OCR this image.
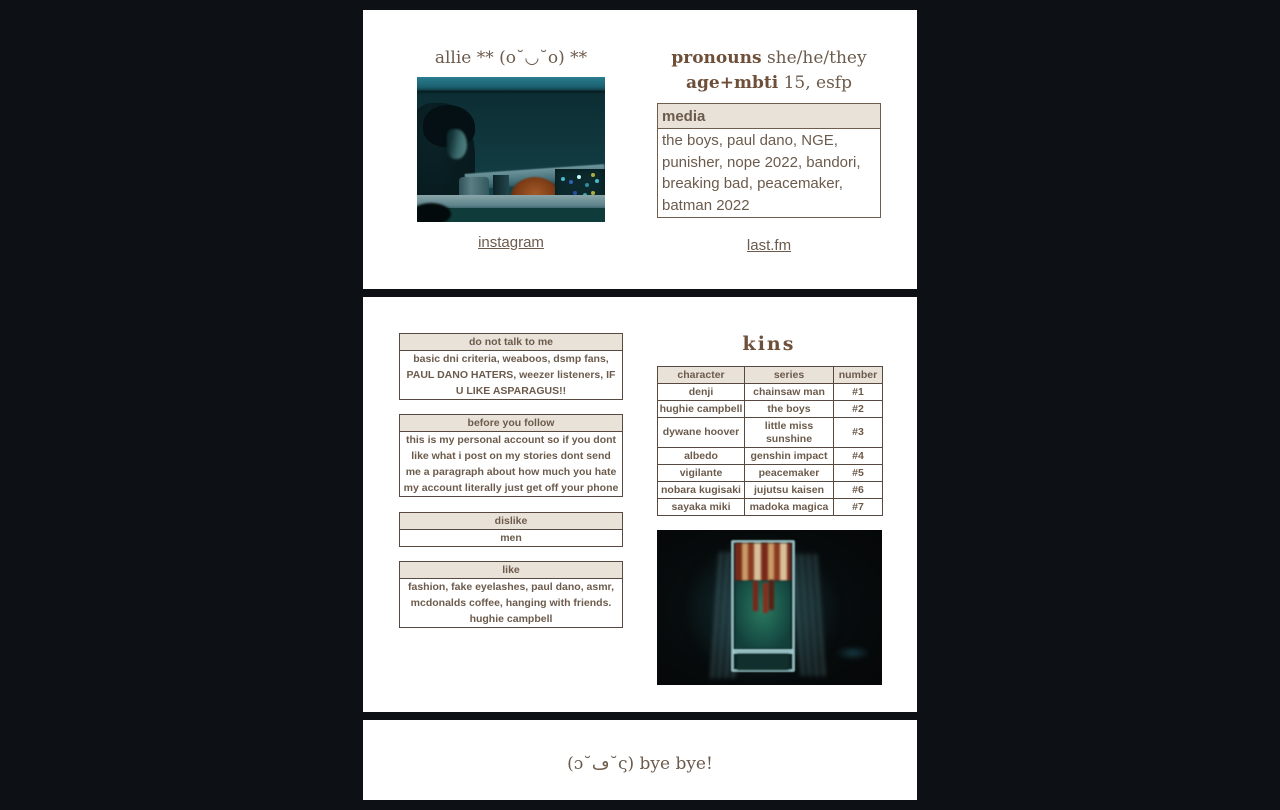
allie ** (o˘◡˘o) **
instagram
pronouns she/he/they
age+mbti 15, esfp
media
the boys, paul dano, NGE, punisher, nope 2022, bandori, breaking bad, peacemaker, batman 2022
last.fm
do not talk to me
basic dni criteria, weaboos, dsmp fans, PAUL DANO HATERS, weezer listeners, IF U LIKE ASPARAGUS!!
before you follow
this is my personal account so if you dont like what i post on my stories dont send me a paragraph about how much you hate my account literally just get off your phone
dislike
men
like
fashion, fake eyelashes, paul dano, asmr, mcdonalds coffee, hanging with friends. hughie campbell
kins
character	series	number
denji	chainsaw man	#1
hughie campbell	the boys	#2
dywane hoover	little miss sunshine	#3
albedo	genshin impact	#4
vigilante	peacemaker	#5
nobara kugisaki	jujutsu kaisen	#6
sayaka miki	madoka magica	#7
(ɔ˘ڡ˘ς) bye bye!
